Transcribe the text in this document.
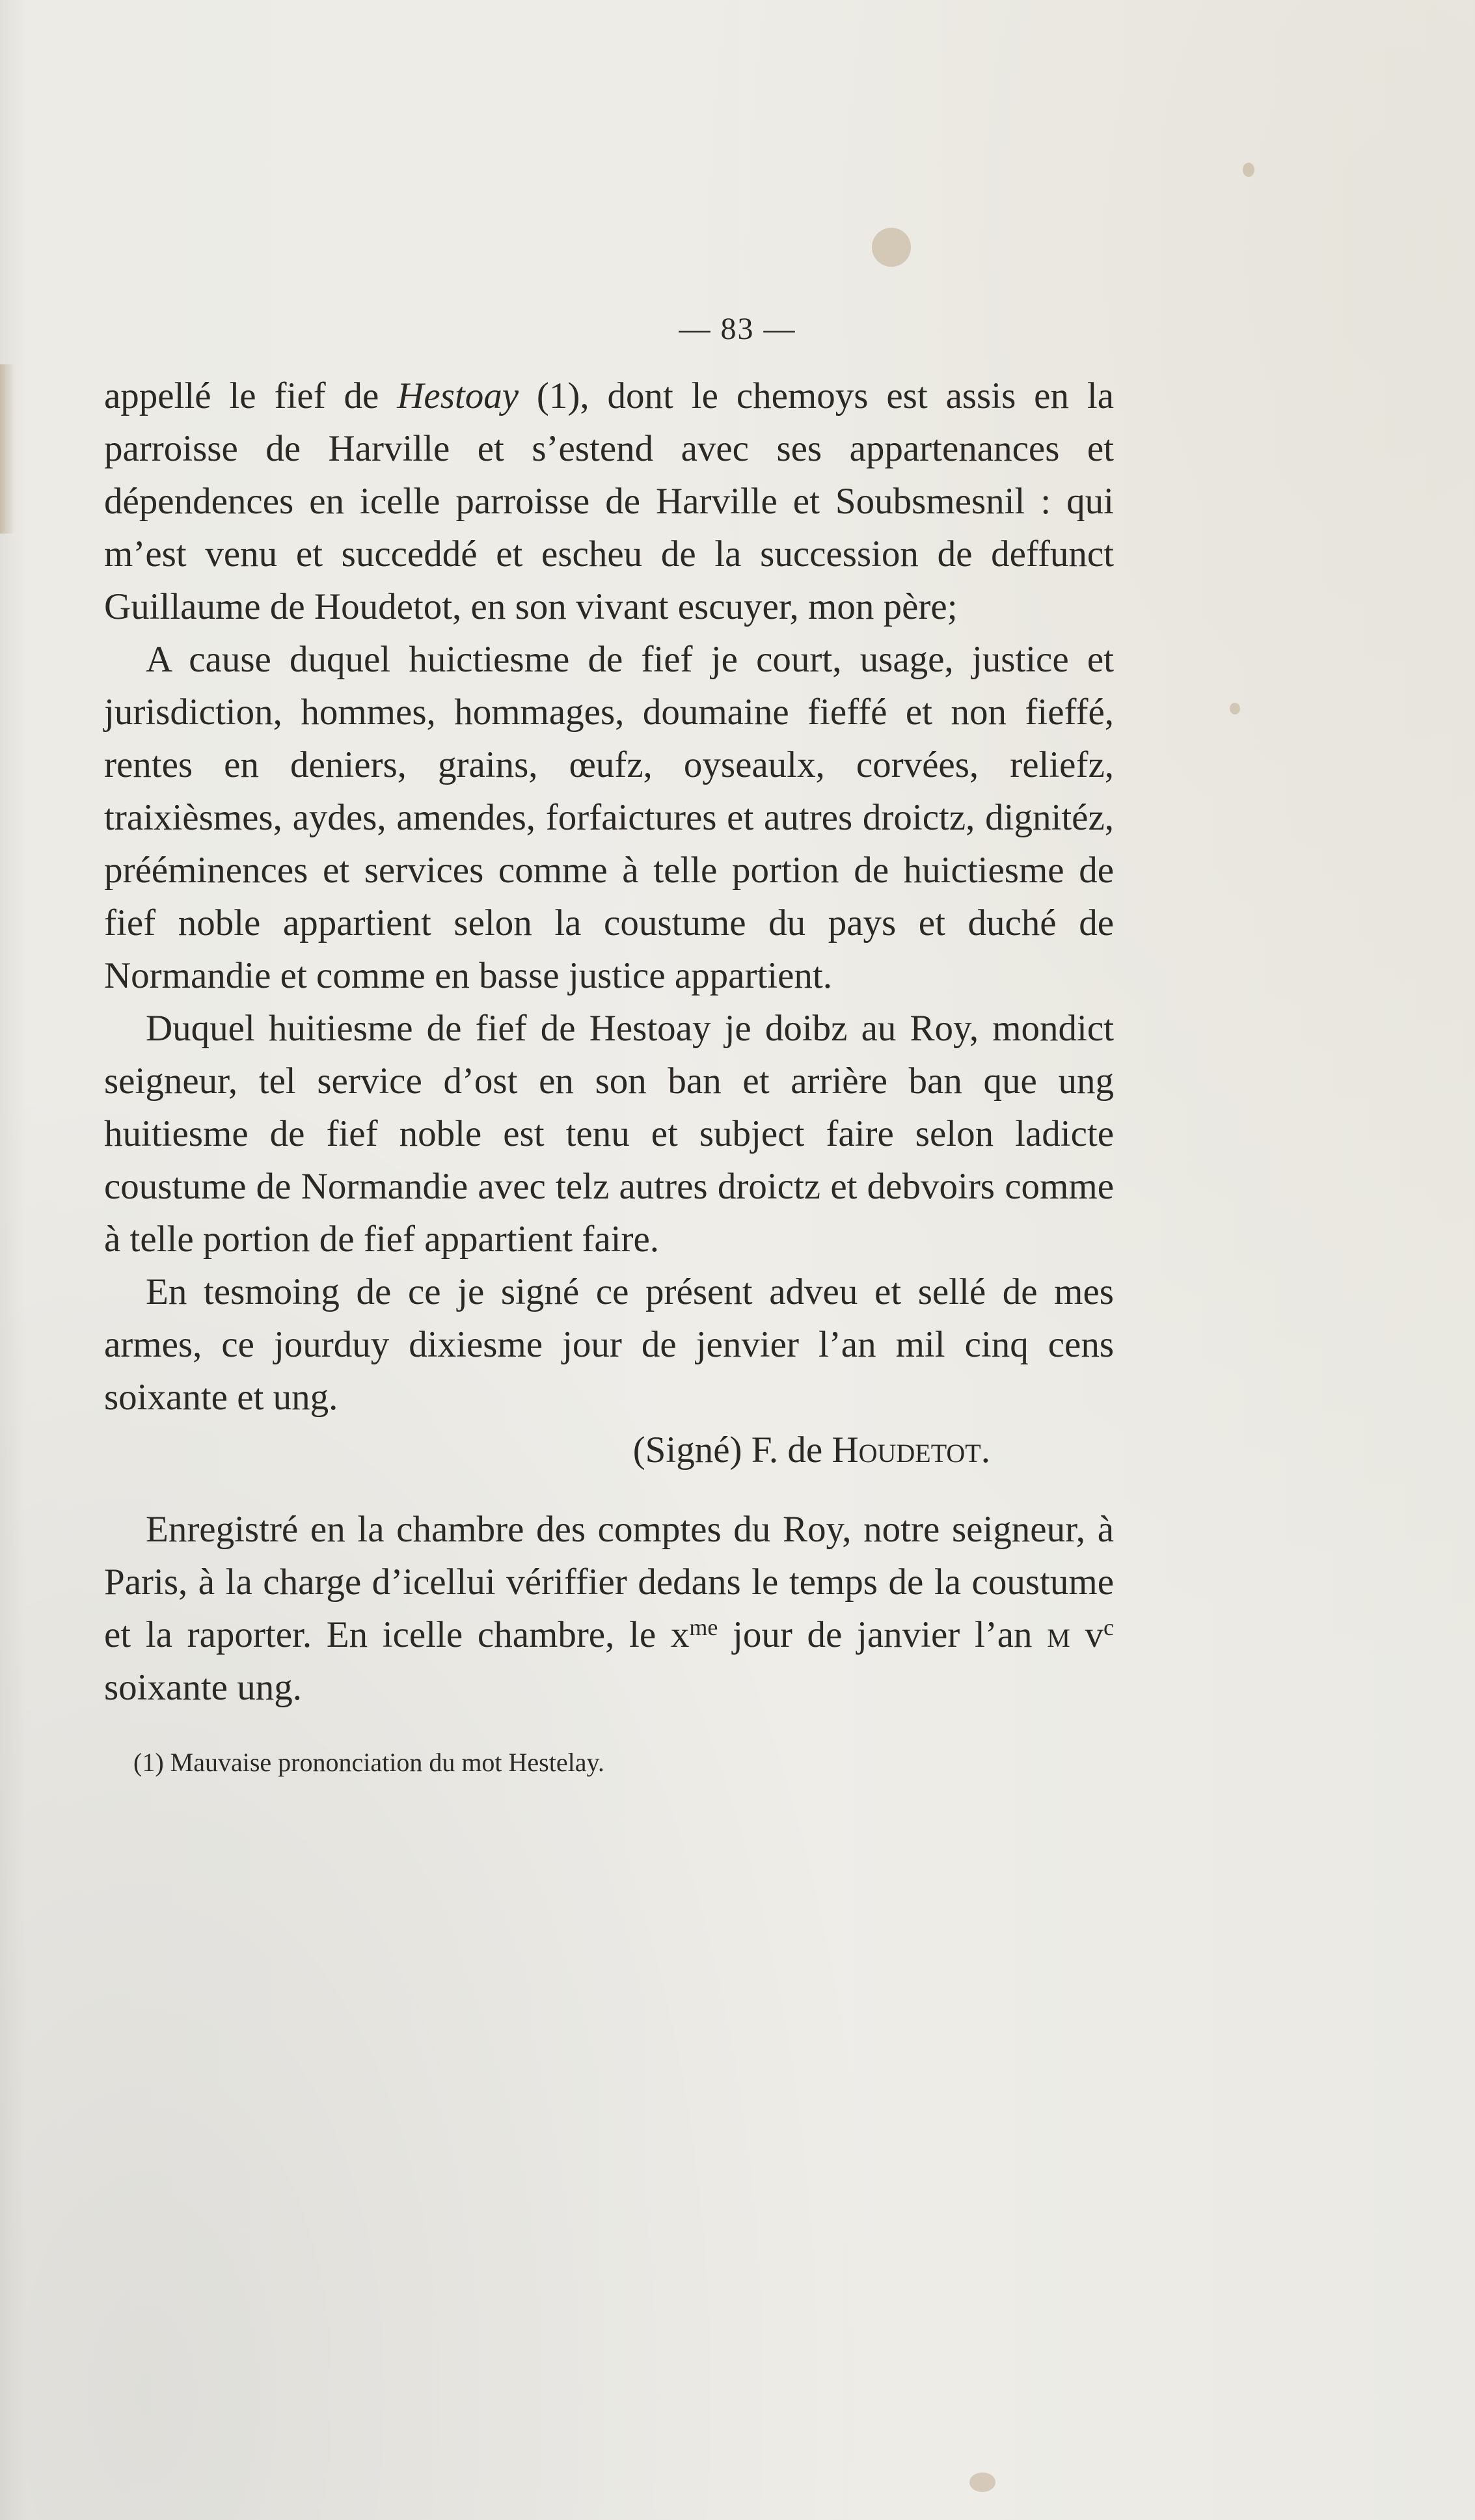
— 83 —

appellé le fief de Hestoay (1), dont le chemoys est assis en la parroisse de Harville et s’estend avec ses appartenances et dépendences en icelle parroisse de Harville et Soubsmesnil : qui m’est venu et succeddé et escheu de la succession de deffunct Guillaume de Houdetot, en son vivant escuyer, mon père;

A cause duquel huictiesme de fief je court, usage, justice et jurisdiction, hommes, hommages, doumaine fieffé et non fieffé, rentes en deniers, grains, œufz, oyseaulx, corvées, reliefz, traixièsmes, aydes, amendes, forfaictures et autres droictz, dignitéz, prééminences et services comme à telle portion de huictiesme de fief noble appartient selon la coustume du pays et duché de Normandie et comme en basse justice appartient.

Duquel huitiesme de fief de Hestoay je doibz au Roy, mondict seigneur, tel service d’ost en son ban et arrière ban que ung huitiesme de fief noble est tenu et subject faire selon ladicte coustume de Normandie avec telz autres droictz et debvoirs comme à telle portion de fief appartient faire.

En tesmoing de ce je signé ce présent adveu et sellé de mes armes, ce jourduy dixiesme jour de jenvier l’an mil cinq cens soixante et ung.

(Signé) F. de Houdetot.

Enregistré en la chambre des comptes du Roy, notre seigneur, à Paris, à la charge d’icellui vériffier dedans le temps de la coustume et la raporter. En icelle chambre, le $x^{me}$ jour de janvier l’an m $v^c$ soixante ung.

(1) Mauvaise prononciation du mot Hestelay.
